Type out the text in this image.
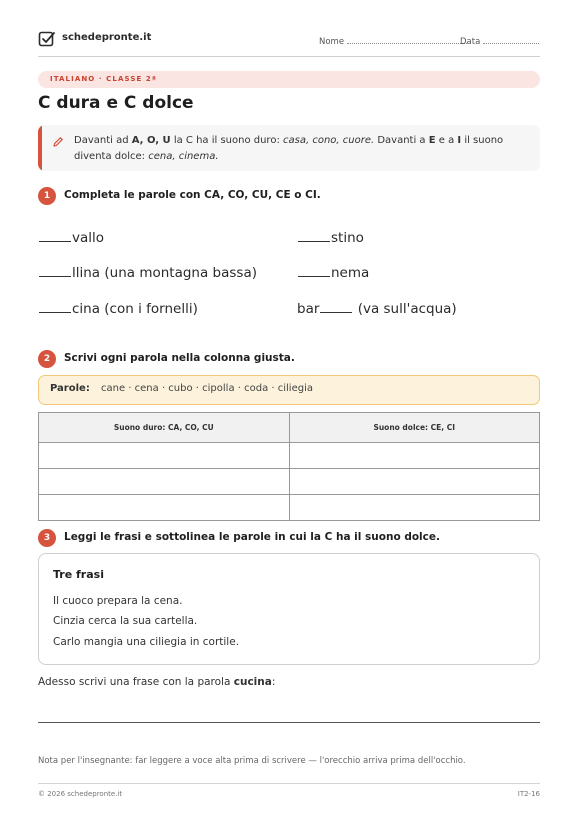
schedepronte.it	Nome	Data
ITALIANO · CLASSE 2ª
C dura e C dolce

Davanti ad A, O, U la C ha il suono duro: casa, cono, cuore. Davanti a E e a I il suono diventa dolce: cena, cinema.

1	Completa le parole con CA, CO, CU, CE o CI.
vallo	stino
llina (una montagna bassa)	nema
cina (con i fornelli)	bar	(va sull'acqua)
2	Scrivi ogni parola nella colonna giusta.
Parole: cane · cena · cubo · cipolla · coda · ciliegia
Suono duro: CA, CO, CU	Suono dolce: CE, CI

3	Leggi le frasi e sottolinea le parole in cui la C ha il suono dolce.
Tre frasi
Il cuoco prepara la cena.
Cinzia cerca la sua cartella.
Carlo mangia una ciliegia in cortile.
Adesso scrivi una frase con la parola cucina:
Nota per l'insegnante: far leggere a voce alta prima di scrivere — l'orecchio arriva prima dell'occhio.
© 2026 schedepronte.it	IT2-16
